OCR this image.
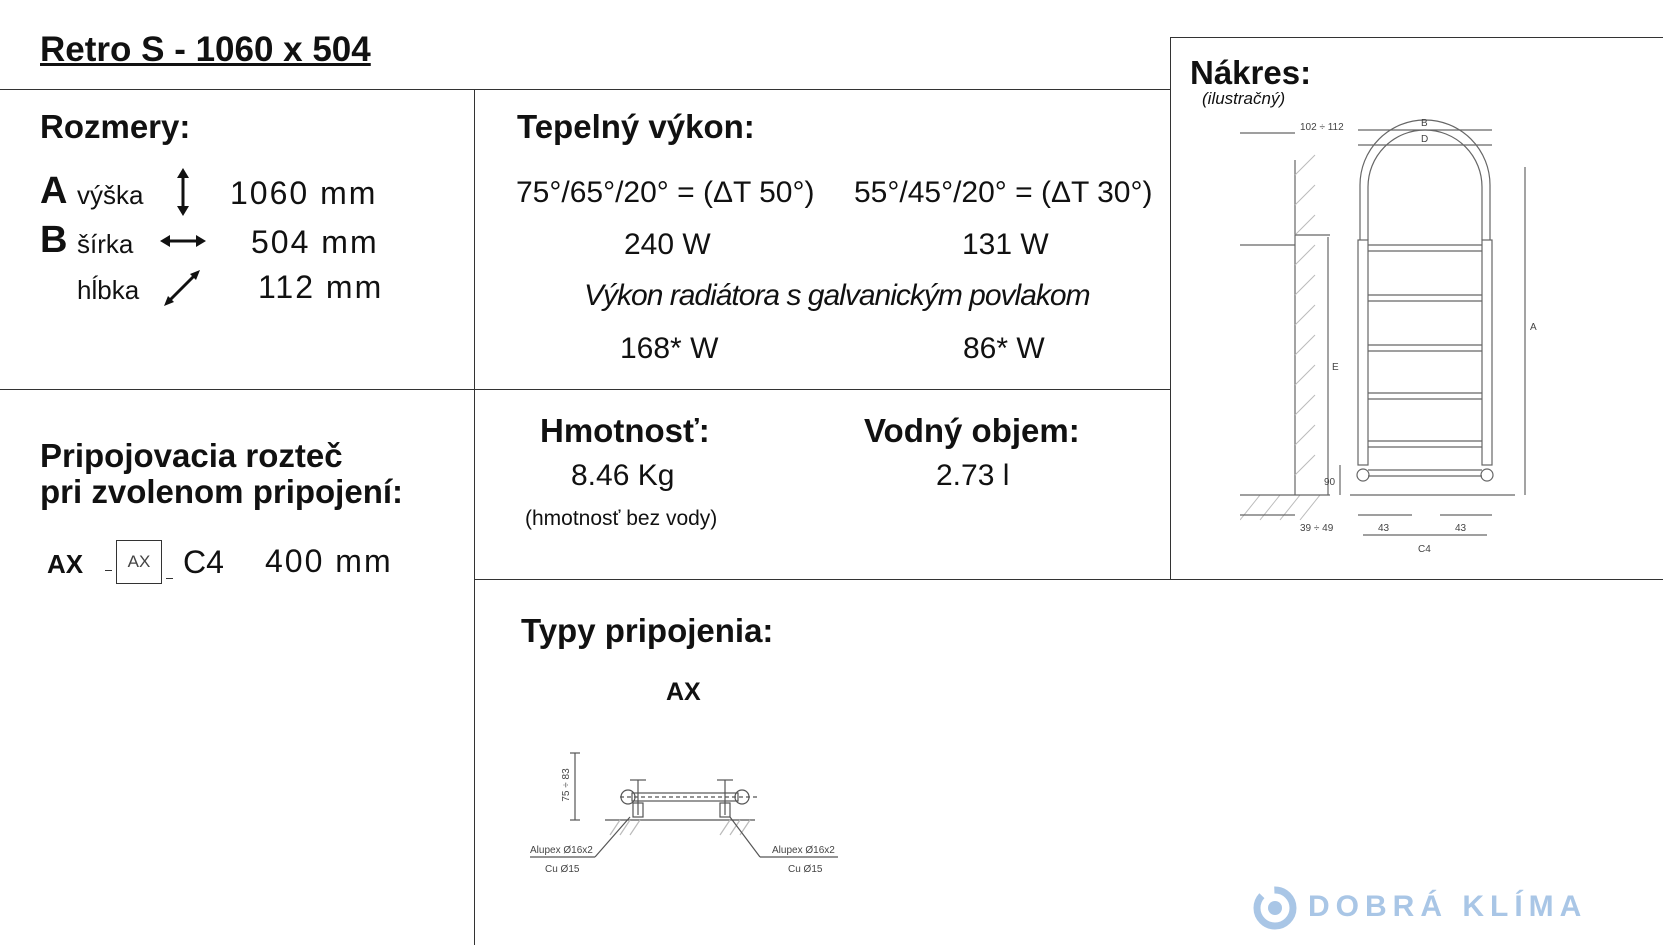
Retro S - 1060 x 504
Rozmery:
A výška	1060 mm
B šírka	504 mm
hĺbka	112 mm
Tepelný výkon:
75°/65°/20° = (ΔT 50°) 55°/45°/20° = (ΔT 30°)
240 W	131 W
Výkon radiátora s galvanickým povlakom
168* W	86* W
Nákres:
(ilustračný)
102 ÷ 112	B
D
A
E
90
39 ÷ 49	43	43
C4
Pripojovacia rozteč
pri zvolenom pripojení:
AX	AX	C4 400 mm
Hmotnosť:
8.46 Kg
(hmotnosť bez vody)
Vodný objem:
2.73 l
Typy pripojenia:
AX
75 ÷ 83
Alupex Ø16x2
Cu Ø15
Alupex Ø16x2
Cu Ø15
DOBRÁ KLÍMA
